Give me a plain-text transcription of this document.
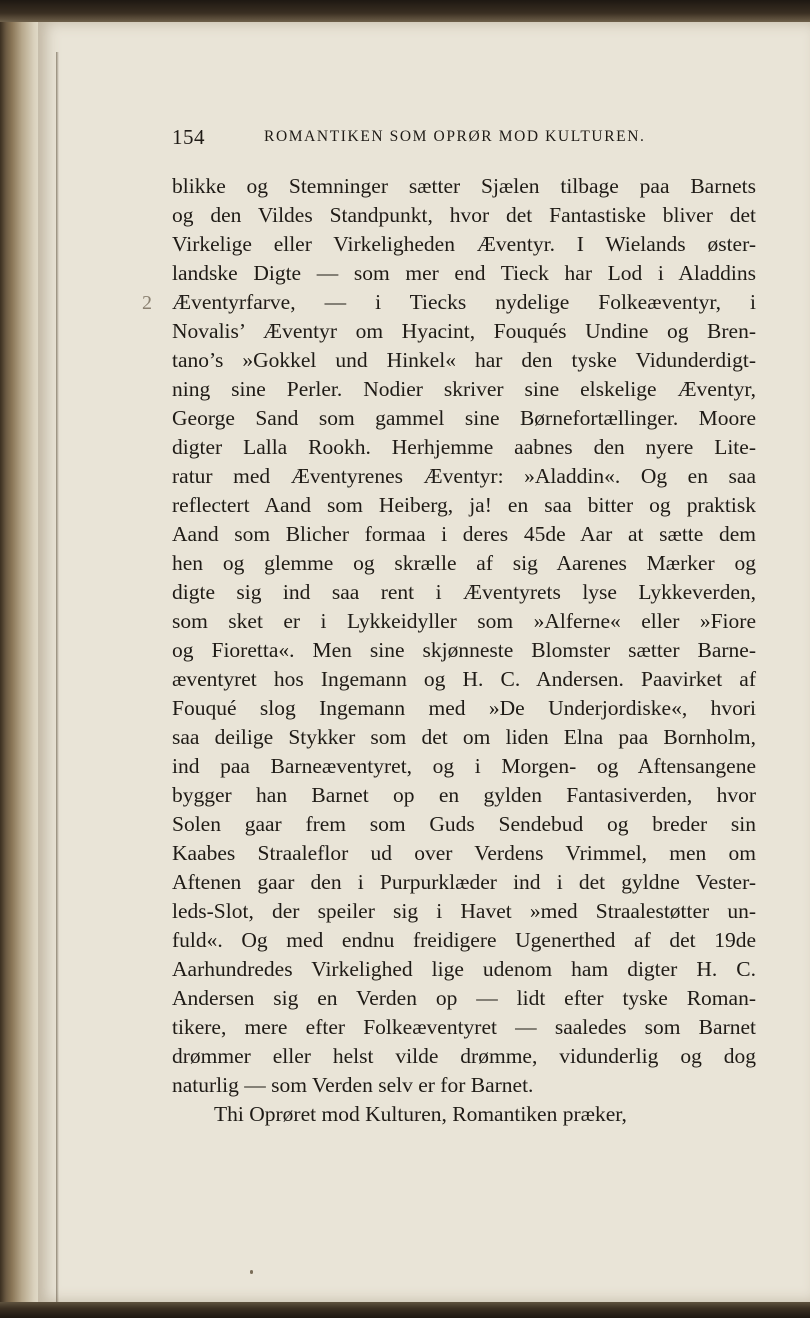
154	ROMANTIKEN SOM OPRØR MOD KULTUREN.
2
blikke og Stemninger sætter Sjælen tilbage paa Barnets
og den Vildes Standpunkt, hvor det Fantastiske bliver det
Virkelige eller Virkeligheden Æventyr. I Wielands øster-
landske Digte — som mer end Tieck har Lod i Aladdins
Æventyrfarve, — i Tiecks nydelige Folkeæventyr, i
Novalis’ Æventyr om Hyacint, Fouqués Undine og Bren-
tano’s »Gokkel und Hinkel« har den tyske Vidunderdigt-
ning sine Perler. Nodier skriver sine elskelige Æventyr,
George Sand som gammel sine Børnefortællinger. Moore
digter Lalla Rookh. Herhjemme aabnes den nyere Lite-
ratur med Æventyrenes Æventyr: »Aladdin«. Og en saa
reflectert Aand som Heiberg, ja! en saa bitter og praktisk
Aand som Blicher formaa i deres 45de Aar at sætte dem
hen og glemme og skrælle af sig Aarenes Mærker og
digte sig ind saa rent i Æventyrets lyse Lykkeverden,
som sket er i Lykkeidyller som »Alferne« eller »Fiore
og Fioretta«. Men sine skjønneste Blomster sætter Barne-
æventyret hos Ingemann og H. C. Andersen. Paavirket af
Fouqué slog Ingemann med »De Underjordiske«, hvori
saa deilige Stykker som det om liden Elna paa Bornholm,
ind paa Barneæventyret, og i Morgen- og Aftensangene
bygger han Barnet op en gylden Fantasiverden, hvor
Solen gaar frem som Guds Sendebud og breder sin
Kaabes Straaleflor ud over Verdens Vrimmel, men om
Aftenen gaar den i Purpurklæder ind i det gyldne Vester-
leds-Slot, der speiler sig i Havet »med Straalestøtter un-
fuld«. Og med endnu freidigere Ugenerthed af det 19de
Aarhundredes Virkelighed lige udenom ham digter H. C.
Andersen sig en Verden op — lidt efter tyske Roman-
tikere, mere efter Folkeæventyret — saaledes som Barnet
drømmer eller helst vilde drømme, vidunderlig og dog
naturlig — som Verden selv er for Barnet.
Thi Oprøret mod Kulturen, Romantiken præker,
